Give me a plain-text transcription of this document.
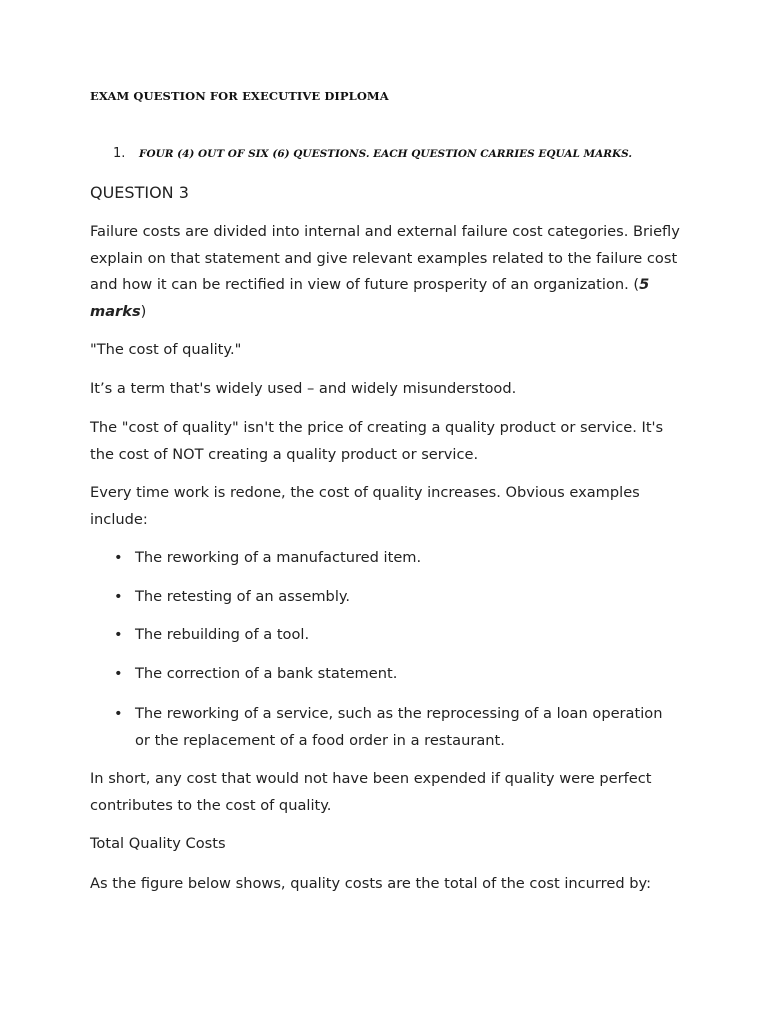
EXAM QUESTION FOR EXECUTIVE DIPLOMA
1. FOUR (4) OUT OF SIX (6) QUESTIONS. EACH QUESTION CARRIES EQUAL MARKS.
QUESTION 3

Failure costs are divided into internal and external failure cost categories. Briefly explain on that statement and give relevant examples related to the failure cost and how it can be rectified in view of future prosperity of an organization. (5 marks)

"The cost of quality."

It’s a term that's widely used – and widely misunderstood.

The "cost of quality" isn't the price of creating a quality product or service. It's the cost of NOT creating a quality product or service.

Every time work is redone, the cost of quality increases. Obvious examples include:

• The reworking of a manufactured item.
• The retesting of an assembly.
• The rebuilding of a tool.
• The correction of a bank statement.
• The reworking of a service, such as the reprocessing of a loan operation or the replacement of a food order in a restaurant.

In short, any cost that would not have been expended if quality were perfect contributes to the cost of quality.

Total Quality Costs

As the figure below shows, quality costs are the total of the cost incurred by:
